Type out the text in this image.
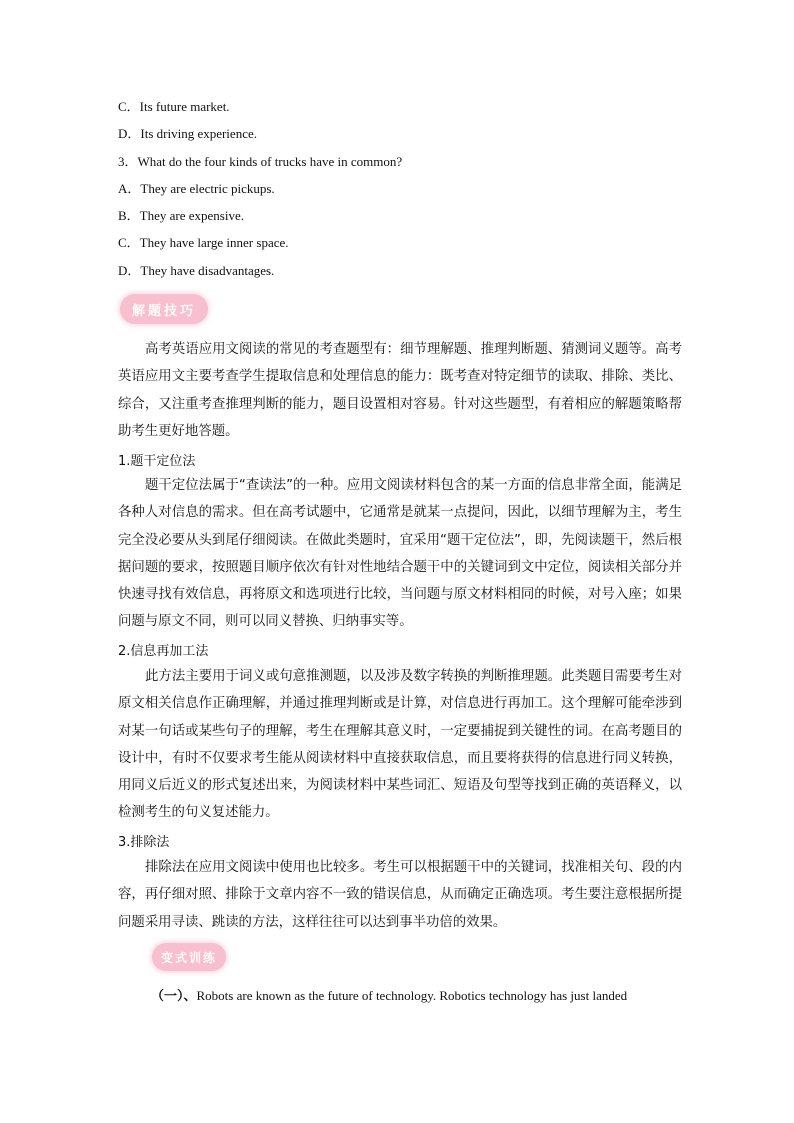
C．Its future market.
D．Its driving experience.
3．What do the four kinds of trucks have in common?
A．They are electric pickups.
B．They are expensive.
C．They have large inner space.
D．They have disadvantages.
解题技巧

高考英语应用文阅读的常见的考查题型有：细节理解题、推理判断题、猜测词义题等。高考英语应用文主要考查学生提取信息和处理信息的能力：既考查对特定细节的读取、排除、类比、综合，又注重考查推理判断的能力，题目设置相对容易。针对这些题型，有着相应的解题策略帮助考生更好地答题。

1.题干定位法

题干定位法属于“查读法”的一种。应用文阅读材料包含的某一方面的信息非常全面，能满足各种人对信息的需求。但在高考试题中，它通常是就某一点提问，因此，以细节理解为主，考生完全没必要从头到尾仔细阅读。在做此类题时，宜采用“题干定位法”，即，先阅读题干，然后根据问题的要求，按照题目顺序依次有针对性地结合题干中的关键词到文中定位，阅读相关部分并快速寻找有效信息，再将原文和选项进行比较，当问题与原文材料相同的时候，对号入座；如果问题与原文不同，则可以同义替换、归纳事实等。

2.信息再加工法

此方法主要用于词义或句意推测题，以及涉及数字转换的判断推理题。此类题目需要考生对原文相关信息作正确理解，并通过推理判断或是计算，对信息进行再加工。这个理解可能牵涉到对某一句话或某些句子的理解，考生在理解其意义时，一定要捕捉到关键性的词。在高考题目的设计中，有时不仅要求考生能从阅读材料中直接获取信息，而且要将获得的信息进行同义转换，用同义后近义的形式复述出来，为阅读材料中某些词汇、短语及句型等找到正确的英语释义，以检测考生的句义复述能力。

3.排除法

排除法在应用文阅读中使用也比较多。考生可以根据题干中的关键词，找准相关句、段的内容，再仔细对照、排除于文章内容不一致的错误信息，从而确定正确选项。考生要注意根据所提问题采用寻读、跳读的方法，这样往往可以达到事半功倍的效果。

变式训练
（一）、Robots are known as the future of technology. Robotics technology has just landed
